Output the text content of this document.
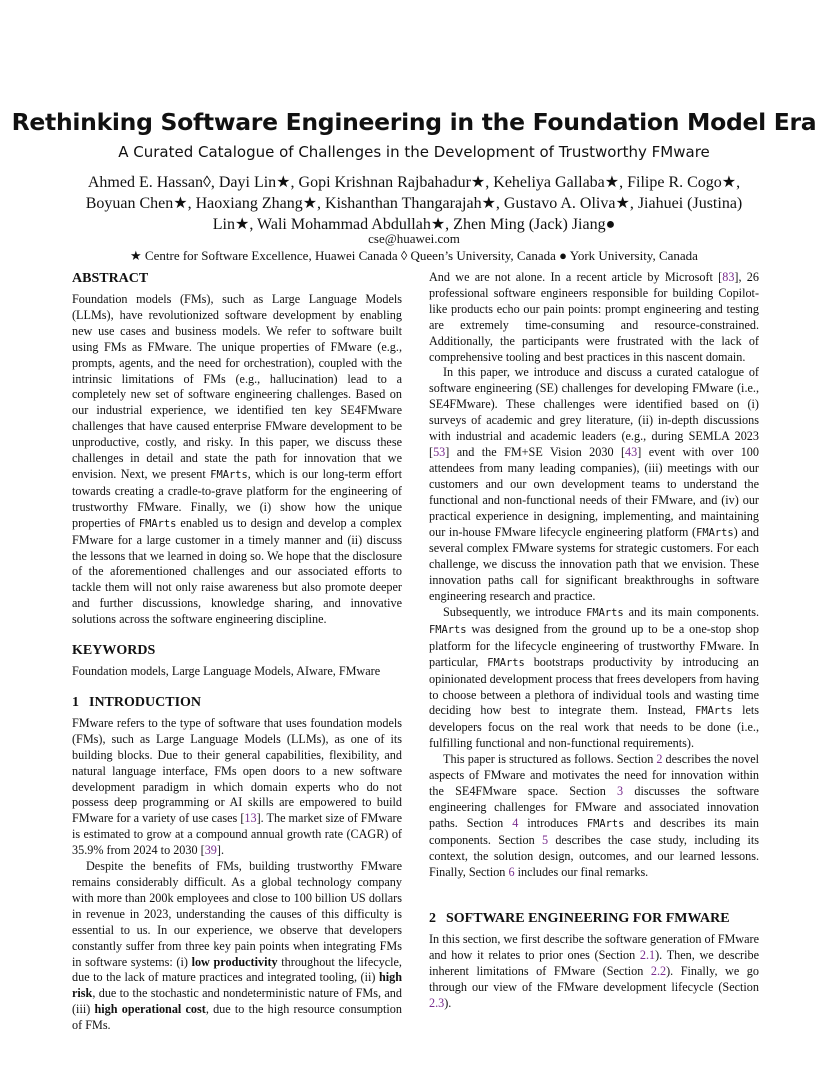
Rethinking Software Engineering in the Foundation Model Era
A Curated Catalogue of Challenges in the Development of Trustworthy FMware
Ahmed E. Hassan◊, Dayi Lin★, Gopi Krishnan Rajbahadur★, Keheliya Gallaba★, Filipe R. Cogo★,
Boyuan Chen★, Haoxiang Zhang★, Kishanthan Thangarajah★, Gustavo A. Oliva★, Jiahuei (Justina)
Lin★, Wali Mohammad Abdullah★, Zhen Ming (Jack) Jiang●
cse@huawei.com
★ Centre for Software Excellence, Huawei Canada ◊ Queen’s University, Canada ● York University, Canada
ABSTRACT

Foundation models (FMs), such as Large Language Models (LLMs), have revolutionized software development by enabling new use cases and business models. We refer to software built using FMs as FMware. The unique properties of FMware (e.g., prompts, agents, and the need for orchestration), coupled with the intrinsic limitations of FMs (e.g., hallucination) lead to a completely new set of software engineering challenges. Based on our industrial experience, we identified ten key SE4FMware challenges that have caused enterprise FMware development to be unproductive, costly, and risky. In this paper, we discuss these challenges in detail and state the path for innovation that we envision. Next, we present FMArts, which is our long-term effort towards creating a cradle-to-grave platform for the engineering of trustworthy FMware. Finally, we (i) show how the unique properties of FMArts enabled us to design and develop a complex FMware for a large customer in a timely manner and (ii) discuss the lessons that we learned in doing so. We hope that the disclosure of the aforementioned challenges and our associated efforts to tackle them will not only raise awareness but also promote deeper and further discussions, knowledge sharing, and innovative solutions across the software engineering discipline.

KEYWORDS

Foundation models, Large Language Models, AIware, FMware

1 INTRODUCTION

FMware refers to the type of software that uses foundation models (FMs), such as Large Language Models (LLMs), as one of its building blocks. Due to their general capabilities, flexibility, and natural language interface, FMs open doors to a new software development paradigm in which domain experts who do not possess deep programming or AI skills are empowered to build FMware for a variety of use cases [13]. The market size of FMware is estimated to grow at a compound annual growth rate (CAGR) of 35.9% from 2024 to 2030 [39].

Despite the benefits of FMs, building trustworthy FMware remains considerably difficult. As a global technology company with more than 200k employees and close to 100 billion US dollars in revenue in 2023, understanding the causes of this difficulty is essential to us. In our experience, we observe that developers constantly suffer from three key pain points when integrating FMs in software systems: (i) low productivity throughout the lifecycle, due to the lack of mature practices and integrated tooling, (ii) high risk, due to the stochastic and nondeterministic nature of FMs, and (iii) high operational cost, due to the high resource consumption of FMs.

And we are not alone. In a recent article by Microsoft [83], 26 professional software engineers responsible for building Copilot-like products echo our pain points: prompt engineering and testing are extremely time-consuming and resource-constrained. Additionally, the participants were frustrated with the lack of comprehensive tooling and best practices in this nascent domain.

In this paper, we introduce and discuss a curated catalogue of software engineering (SE) challenges for developing FMware (i.e., SE4FMware). These challenges were identified based on (i) surveys of academic and grey literature, (ii) in-depth discussions with industrial and academic leaders (e.g., during SEMLA 2023 [53] and the FM+SE Vision 2030 [43] event with over 100 attendees from many leading companies), (iii) meetings with our customers and our own development teams to understand the functional and non-functional needs of their FMware, and (iv) our practical experience in designing, implementing, and maintaining our in-house FMware lifecycle engineering platform (FMArts) and several complex FMware systems for strategic customers. For each challenge, we discuss the innovation path that we envision. These innovation paths call for significant breakthroughs in software engineering research and practice.

Subsequently, we introduce FMArts and its main components. FMArts was designed from the ground up to be a one-stop shop platform for the lifecycle engineering of trustworthy FMware. In particular, FMArts bootstraps productivity by introducing an opinionated development process that frees developers from having to choose between a plethora of individual tools and wasting time deciding how best to integrate them. Instead, FMArts lets developers focus on the real work that needs to be done (i.e., fulfilling functional and non-functional requirements).

This paper is structured as follows. Section 2 describes the novel aspects of FMware and motivates the need for innovation within the SE4FMware space. Section 3 discusses the software engineering challenges for FMware and associated innovation paths. Section 4 introduces FMArts and describes its main components. Section 5 describes the case study, including its context, the solution design, outcomes, and our learned lessons. Finally, Section 6 includes our final remarks.

2 SOFTWARE ENGINEERING FOR FMWARE

In this section, we first describe the software generation of FMware and how it relates to prior ones (Section 2.1). Then, we describe inherent limitations of FMware (Section 2.2). Finally, we go through our view of the FMware development lifecycle (Section 2.3).
